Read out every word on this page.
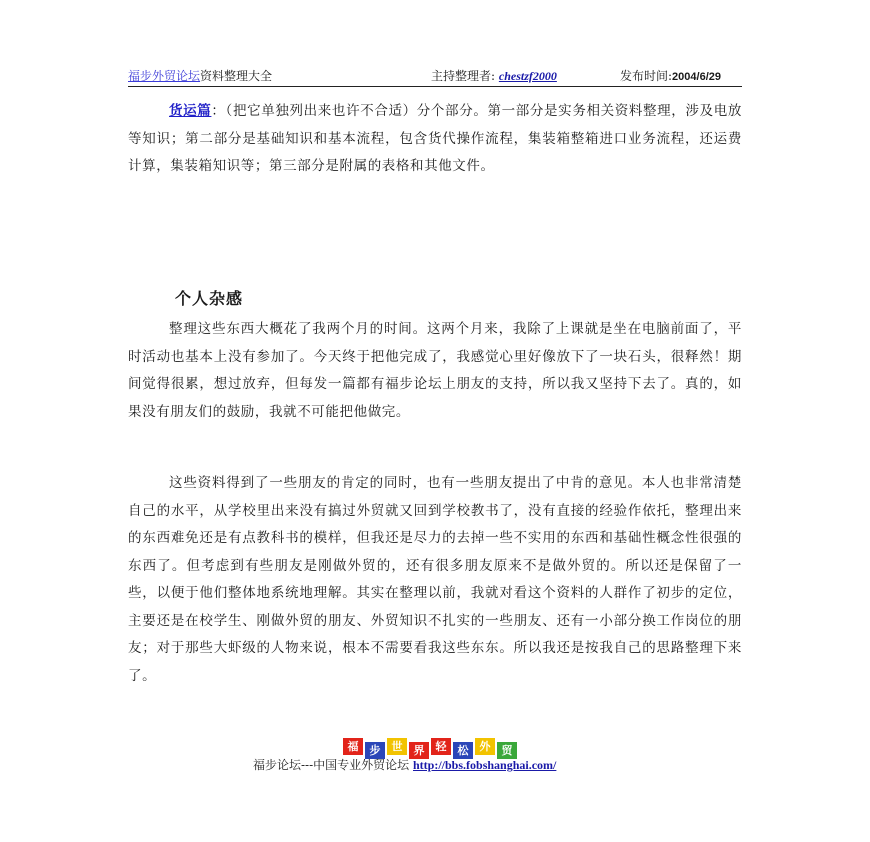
福步外贸论坛资料整理大全	主持整理者: chestzf2000	发布时间:2004/6/29
货运篇：（把它单独列出来也许不合适）分个部分。第一部分是实务相关资料整理，涉及电放等知识；第二部分是基础知识和基本流程，包含货代操作流程，集装箱整箱进口业务流程，还运费计算，集装箱知识等；第三部分是附属的表格和其他文件。
个人杂感
整理这些东西大概花了我两个月的时间。这两个月来，我除了上课就是坐在电脑前面了，平时活动也基本上没有参加了。今天终于把他完成了，我感觉心里好像放下了一块石头，很释然！期间觉得很累，想过放弃，但每发一篇都有福步论坛上朋友的支持，所以我又坚持下去了。真的，如果没有朋友们的鼓励，我就不可能把他做完。
这些资料得到了一些朋友的肯定的同时，也有一些朋友提出了中肯的意见。本人也非常清楚自己的水平，从学校里出来没有搞过外贸就又回到学校教书了，没有直接的经验作依托，整理出来的东西难免还是有点教科书的模样，但我还是尽力的去掉一些不实用的东西和基础性概念性很强的东西了。但考虑到有些朋友是刚做外贸的，还有很多朋友原来不是做外贸的。所以还是保留了一些，以便于他们整体地系统地理解。其实在整理以前，我就对看这个资料的人群作了初步的定位，主要还是在校学生、刚做外贸的朋友、外贸知识不扎实的一些朋友、还有一小部分换工作岗位的朋友；对于那些大虾级的人物来说，根本不需要看我这些东东。所以我还是按我自己的思路整理下来了。
福	步	世	界	轻	松	外	贸
福步论坛---中国专业外贸论坛 http://bbs.fobshanghai.com/
